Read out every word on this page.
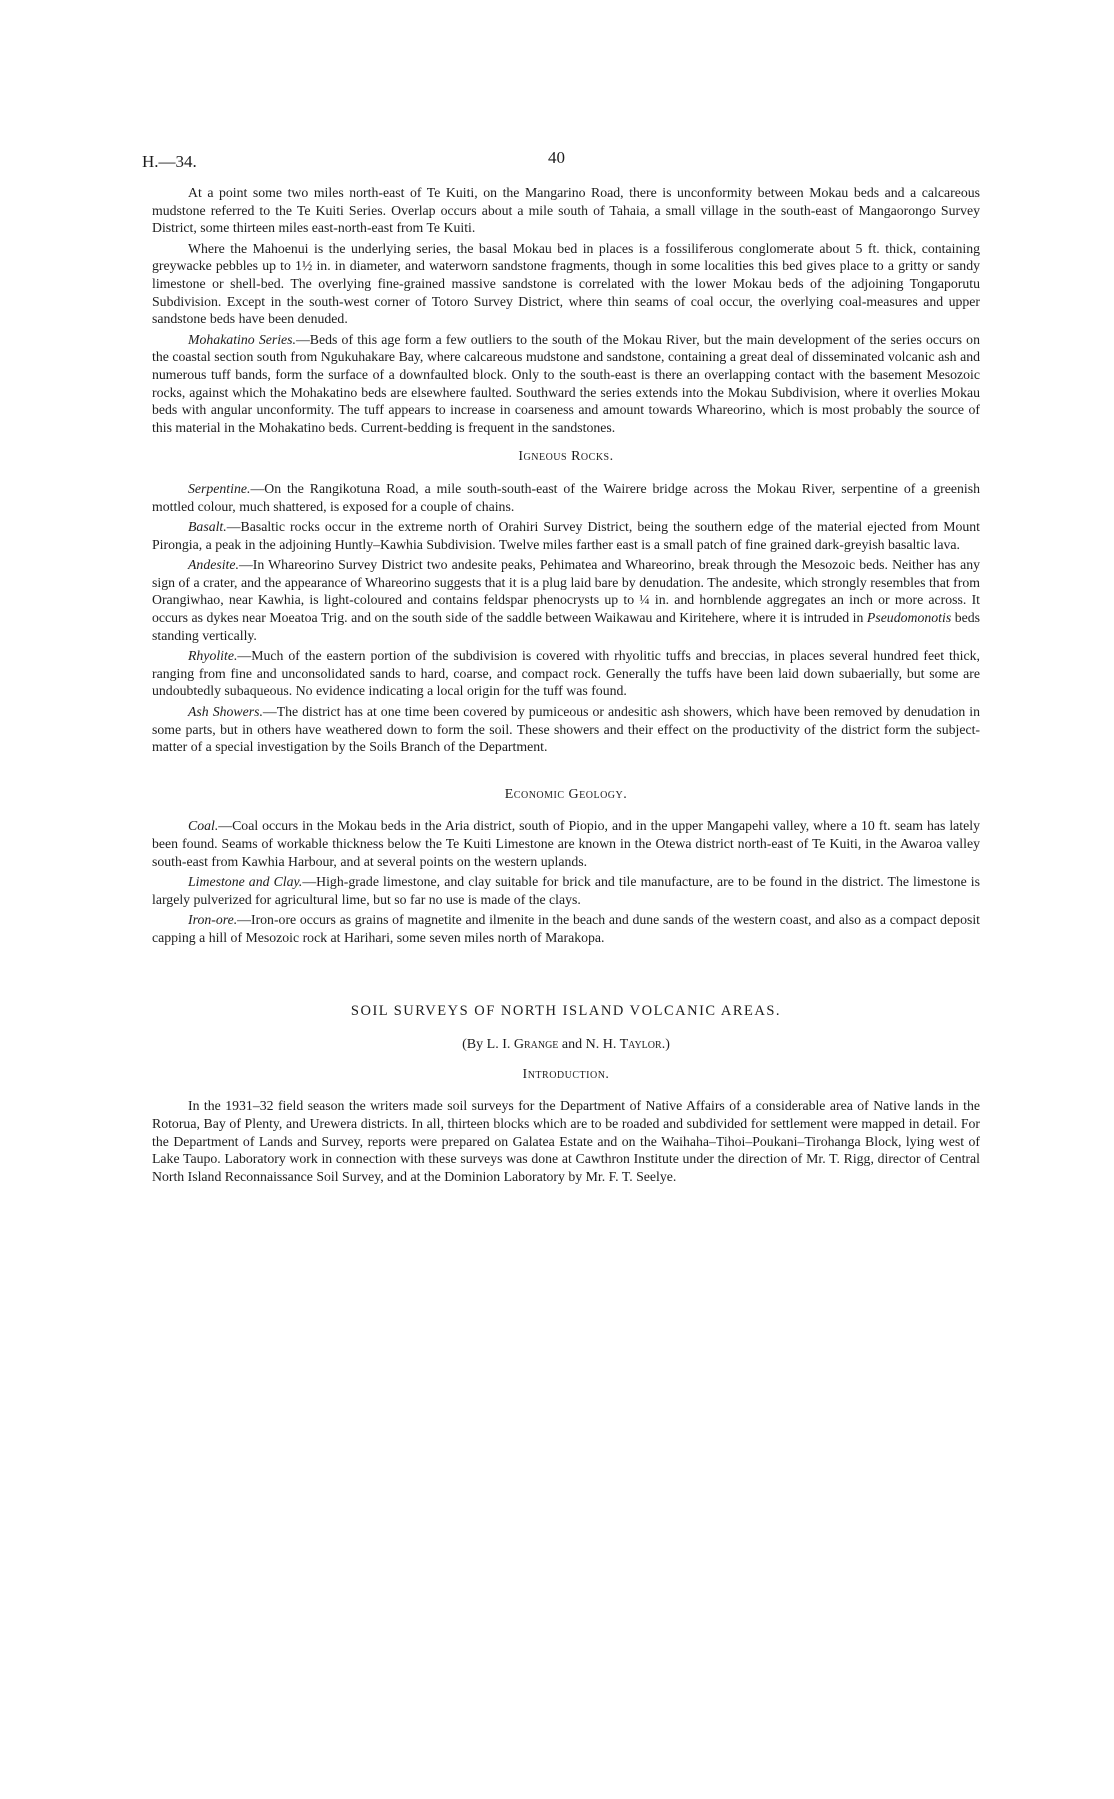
H.—34.	40

At a point some two miles north-east of Te Kuiti, on the Mangarino Road, there is unconformity between Mokau beds and a calcareous mudstone referred to the Te Kuiti Series. Overlap occurs about a mile south of Tahaia, a small village in the south-east of Mangaorongo Survey District, some thirteen miles east-north-east from Te Kuiti.

Where the Mahoenui is the underlying series, the basal Mokau bed in places is a fossiliferous conglomerate about 5 ft. thick, containing greywacke pebbles up to 1½ in. in diameter, and waterworn sandstone fragments, though in some localities this bed gives place to a gritty or sandy limestone or shell-bed. The overlying fine-grained massive sandstone is correlated with the lower Mokau beds of the adjoining Tongaporutu Subdivision. Except in the south-west corner of Totoro Survey District, where thin seams of coal occur, the overlying coal-measures and upper sandstone beds have been denuded.

Mohakatino Series.—Beds of this age form a few outliers to the south of the Mokau River, but the main development of the series occurs on the coastal section south from Ngukuhakare Bay, where calcareous mudstone and sandstone, containing a great deal of disseminated volcanic ash and numerous tuff bands, form the surface of a downfaulted block. Only to the south-east is there an overlapping contact with the basement Mesozoic rocks, against which the Mohakatino beds are elsewhere faulted. Southward the series extends into the Mokau Subdivision, where it overlies Mokau beds with angular unconformity. The tuff appears to increase in coarseness and amount towards Whareorino, which is most probably the source of this material in the Mohakatino beds. Current-bedding is frequent in the sandstones.

Igneous Rocks.

Serpentine.—On the Rangikotuna Road, a mile south-south-east of the Wairere bridge across the Mokau River, serpentine of a greenish mottled colour, much shattered, is exposed for a couple of chains.

Basalt.—Basaltic rocks occur in the extreme north of Orahiri Survey District, being the southern edge of the material ejected from Mount Pirongia, a peak in the adjoining Huntly–Kawhia Subdivision. Twelve miles farther east is a small patch of fine grained dark-greyish basaltic lava.

Andesite.—In Whareorino Survey District two andesite peaks, Pehimatea and Whareorino, break through the Mesozoic beds. Neither has any sign of a crater, and the appearance of Whareorino suggests that it is a plug laid bare by denudation. The andesite, which strongly resembles that from Orangiwhao, near Kawhia, is light-coloured and contains feldspar phenocrysts up to ¼ in. and hornblende aggregates an inch or more across. It occurs as dykes near Moeatoa Trig. and on the south side of the saddle between Waikawau and Kiritehere, where it is intruded in Pseudomonotis beds standing vertically.

Rhyolite.—Much of the eastern portion of the subdivision is covered with rhyolitic tuffs and breccias, in places several hundred feet thick, ranging from fine and unconsolidated sands to hard, coarse, and compact rock. Generally the tuffs have been laid down subaerially, but some are undoubtedly subaqueous. No evidence indicating a local origin for the tuff was found.

Ash Showers.—The district has at one time been covered by pumiceous or andesitic ash showers, which have been removed by denudation in some parts, but in others have weathered down to form the soil. These showers and their effect on the productivity of the district form the subject-matter of a special investigation by the Soils Branch of the Department.

Economic Geology.

Coal.—Coal occurs in the Mokau beds in the Aria district, south of Piopio, and in the upper Mangapehi valley, where a 10 ft. seam has lately been found. Seams of workable thickness below the Te Kuiti Limestone are known in the Otewa district north-east of Te Kuiti, in the Awaroa valley south-east from Kawhia Harbour, and at several points on the western uplands.

Limestone and Clay.—High-grade limestone, and clay suitable for brick and tile manufacture, are to be found in the district. The limestone is largely pulverized for agricultural lime, but so far no use is made of the clays.

Iron-ore.—Iron-ore occurs as grains of magnetite and ilmenite in the beach and dune sands of the western coast, and also as a compact deposit capping a hill of Mesozoic rock at Harihari, some seven miles north of Marakopa.

SOIL SURVEYS OF NORTH ISLAND VOLCANIC AREAS.
(By L. I. Grange and N. H. Taylor.)
Introduction.

In the 1931–32 field season the writers made soil surveys for the Department of Native Affairs of a considerable area of Native lands in the Rotorua, Bay of Plenty, and Urewera districts. In all, thirteen blocks which are to be roaded and subdivided for settlement were mapped in detail. For the Department of Lands and Survey, reports were prepared on Galatea Estate and on the Waihaha–Tihoi–Poukani–Tirohanga Block, lying west of Lake Taupo. Laboratory work in connection with these surveys was done at Cawthron Institute under the direction of Mr. T. Rigg, director of Central North Island Reconnaissance Soil Survey, and at the Dominion Laboratory by Mr. F. T. Seelye.
